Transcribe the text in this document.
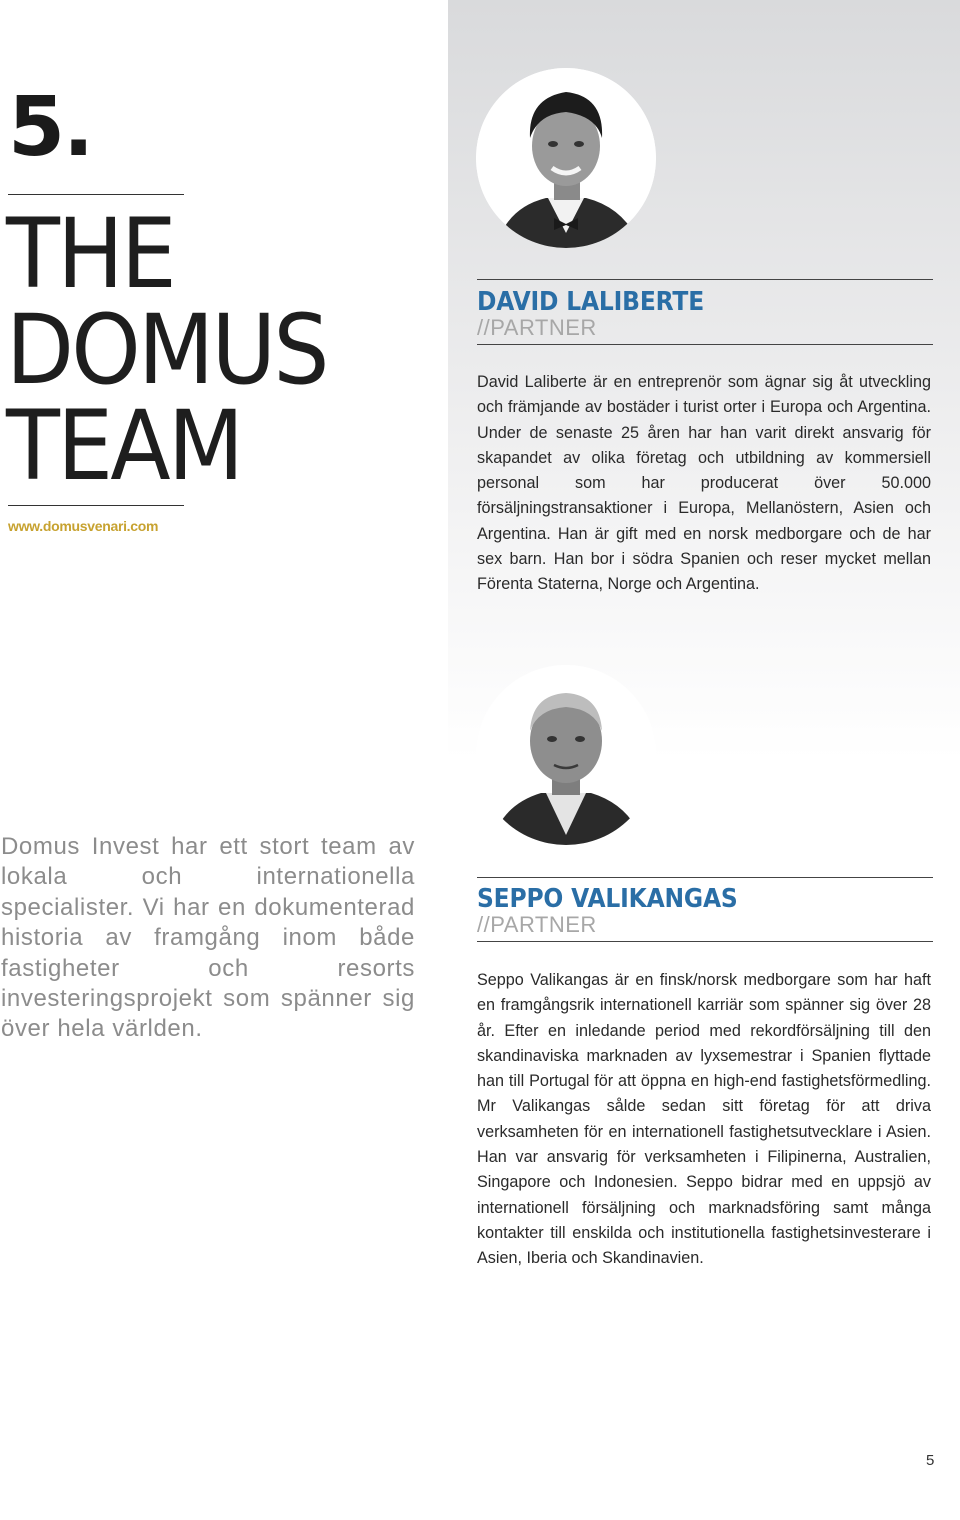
5.
THE
DOMUS
TEAM
www.domusvenari.com

Domus Invest har ett stort team av lokala och internationella specialister. Vi har en dokumenterad historia av framgång inom både fastigheter och resorts investeringsprojekt som spänner sig över hela världen.

DAVID LALIBERTE
//PARTNER

David Laliberte är en entreprenör som ägnar sig åt utveckling och främjande av bostäder i turist orter i Europa och Argentina. Under de senaste 25 åren har han varit direkt ansvarig för skapandet av olika företag och utbildning av kommersiell personal som har producerat över 50.000 försäljningstransaktioner i Europa, Mellanöstern, Asien och Argentina. Han är gift med en norsk medborgare och de har sex barn. Han bor i södra Spanien och reser mycket mellan Förenta Staterna, Norge och Argentina.

SEPPO VALIKANGAS
//PARTNER

Seppo Valikangas är en finsk/norsk medborgare som har haft en framgångsrik internationell karriär som spänner sig över 28 år. Efter en inledande period med rekordförsäljning till den skandinaviska marknaden av lyxsemestrar i Spanien flyttade han till Portugal för att öppna en high-end fastighetsförmedling. Mr Valikangas sålde sedan sitt företag för att driva verksamheten för en internationell fastighetsutvecklare i Asien. Han var ansvarig för verksamheten i Filipinerna, Australien, Singapore och Indonesien. Seppo bidrar med en uppsjö av internationell försäljning och marknadsföring samt många kontakter till enskilda och institutionella fastighetsinvesterare i Asien, Iberia och Skandinavien.

5
